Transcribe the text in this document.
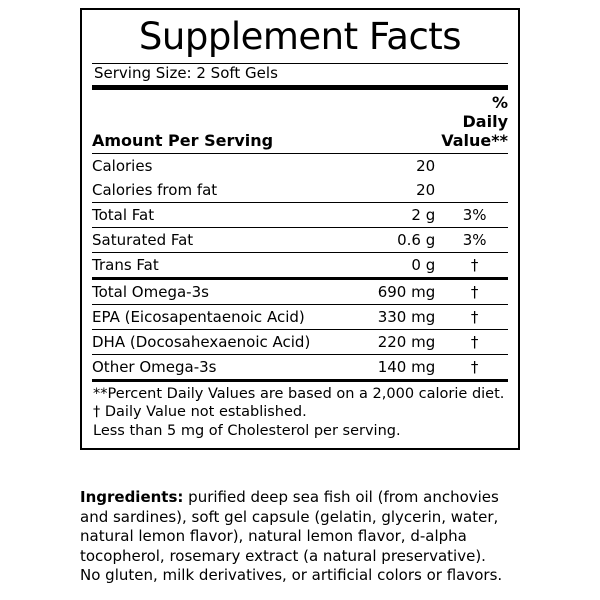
Supplement Facts
Serving Size: 2 Soft Gels
Amount Per Serving		% Daily Value**
Calories	20	
Calories from fat	20	
Total Fat	2 g	3%
Saturated Fat	0.6 g	3%
Trans Fat	0 g	†
Total Omega-3s	690 mg	†
EPA (Eicosapentaenoic Acid)	330 mg	†
DHA (Docosahexaenoic Acid)	220 mg	†
Other Omega-3s	140 mg	†
**Percent Daily Values are based on a 2,000 calorie diet.
† Daily Value not established.
Less than 5 mg of Cholesterol per serving.

Ingredients: purified deep sea fish oil (from anchovies and sardines), soft gel capsule (gelatin, glycerin, water, natural lemon flavor), natural lemon flavor, d-alpha tocopherol, rosemary extract (a natural preservative).

No gluten, milk derivatives, or artificial colors or flavors.
